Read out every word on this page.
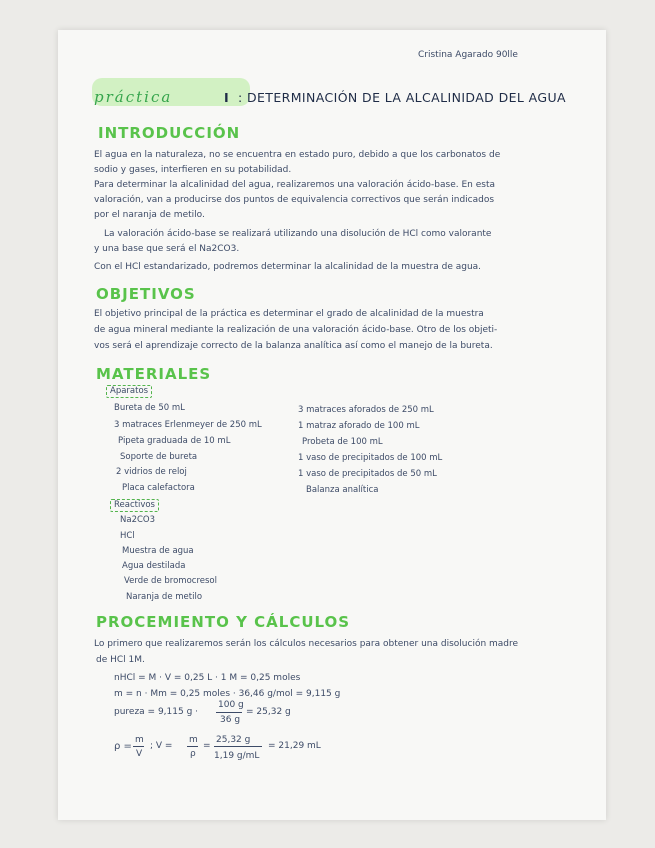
Cristina Agarado 90lle
práctica	I : DETERMINACIÓN DE LA ALCALINIDAD DEL AGUA
INTRODUCCIÓN
El agua en la naturaleza, no se encuentra en estado puro, debido a que los carbonatos de
sodio y gases, interfieren en su potabilidad.
Para determinar la alcalinidad del agua, realizaremos una valoración ácido-base. En esta
valoración, van a producirse dos puntos de equivalencia correctivos que serán indicados
por el naranja de metilo.
La valoración ácido-base se realizará utilizando una disolución de HCl como valorante
y una base que será el Na2CO3.
Con el HCl estandarizado, podremos determinar la alcalinidad de la muestra de agua.
OBJETIVOS
El objetivo principal de la práctica es determinar el grado de alcalinidad de la muestra
de agua mineral mediante la realización de una valoración ácido-base. Otro de los objeti-
vos será el aprendizaje correcto de la balanza analítica así como el manejo de la bureta.
MATERIALES
Aparatos
Bureta de 50 mL
3 matraces Erlenmeyer de 250 mL
Pipeta graduada de 10 mL
Soporte de bureta
2 vidrios de reloj
Placa calefactora
3 matraces aforados de 250 mL
1 matraz aforado de 100 mL
Probeta de 100 mL
1 vaso de precipitados de 100 mL
1 vaso de precipitados de 50 mL
Balanza analítica
Reactivos
Na2CO3
HCl
Muestra de agua
Agua destilada
Verde de bromocresol
Naranja de metilo
PROCEMIENTO Y CÁLCULOS
Lo primero que realizaremos serán los cálculos necesarios para obtener una disolución madre
de HCl 1M.
nHCl = M · V = 0,25 L · 1 M = 0,25 moles
m = n · Mm = 0,25 moles · 36,46 g/mol = 9,115 g
pureza = 9,115 g ·
100 g
36 g
= 25,32 g
ρ =
m
V
; V =
m
ρ
=
25,32 g
1,19 g/mL
= 21,29 mL
